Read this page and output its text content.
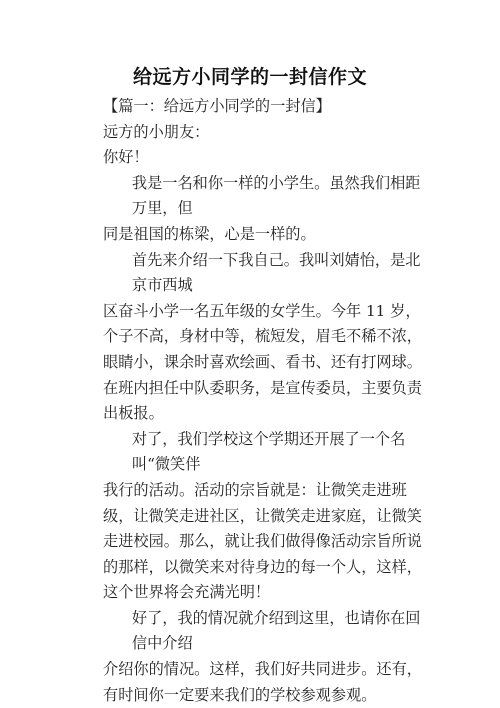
给远方小同学的一封信作文

【篇一：给远方小同学的一封信】

远方的小朋友：

你好！

我是一名和你一样的小学生。虽然我们相距万里，但
同是祖国的栋梁，心是一样的。

首先来介绍一下我自己。我叫刘婧怡，是北京市西城
区奋斗小学一名五年级的女学生。今年 11 岁，个子不高，身材中等，梳短发，眉毛不稀不浓，眼睛小，课余时喜欢绘画、看书、还有打网球。在班内担任中队委职务，是宣传委员，主要负责出板报。

对了，我们学校这个学期还开展了一个名叫“微笑伴
我行的活动。活动的宗旨就是：让微笑走进班级，让微笑走进社区，让微笑走进家庭，让微笑走进校园。那么，就让我们做得像活动宗旨所说的那样，以微笑来对待身边的每一个人，这样，这个世界将会充满光明！

好了，我的情况就介绍到这里，也请你在回信中介绍
介绍你的情况。这样，我们好共同进步。还有，有时间你一定要来我们的学校参观参观。
